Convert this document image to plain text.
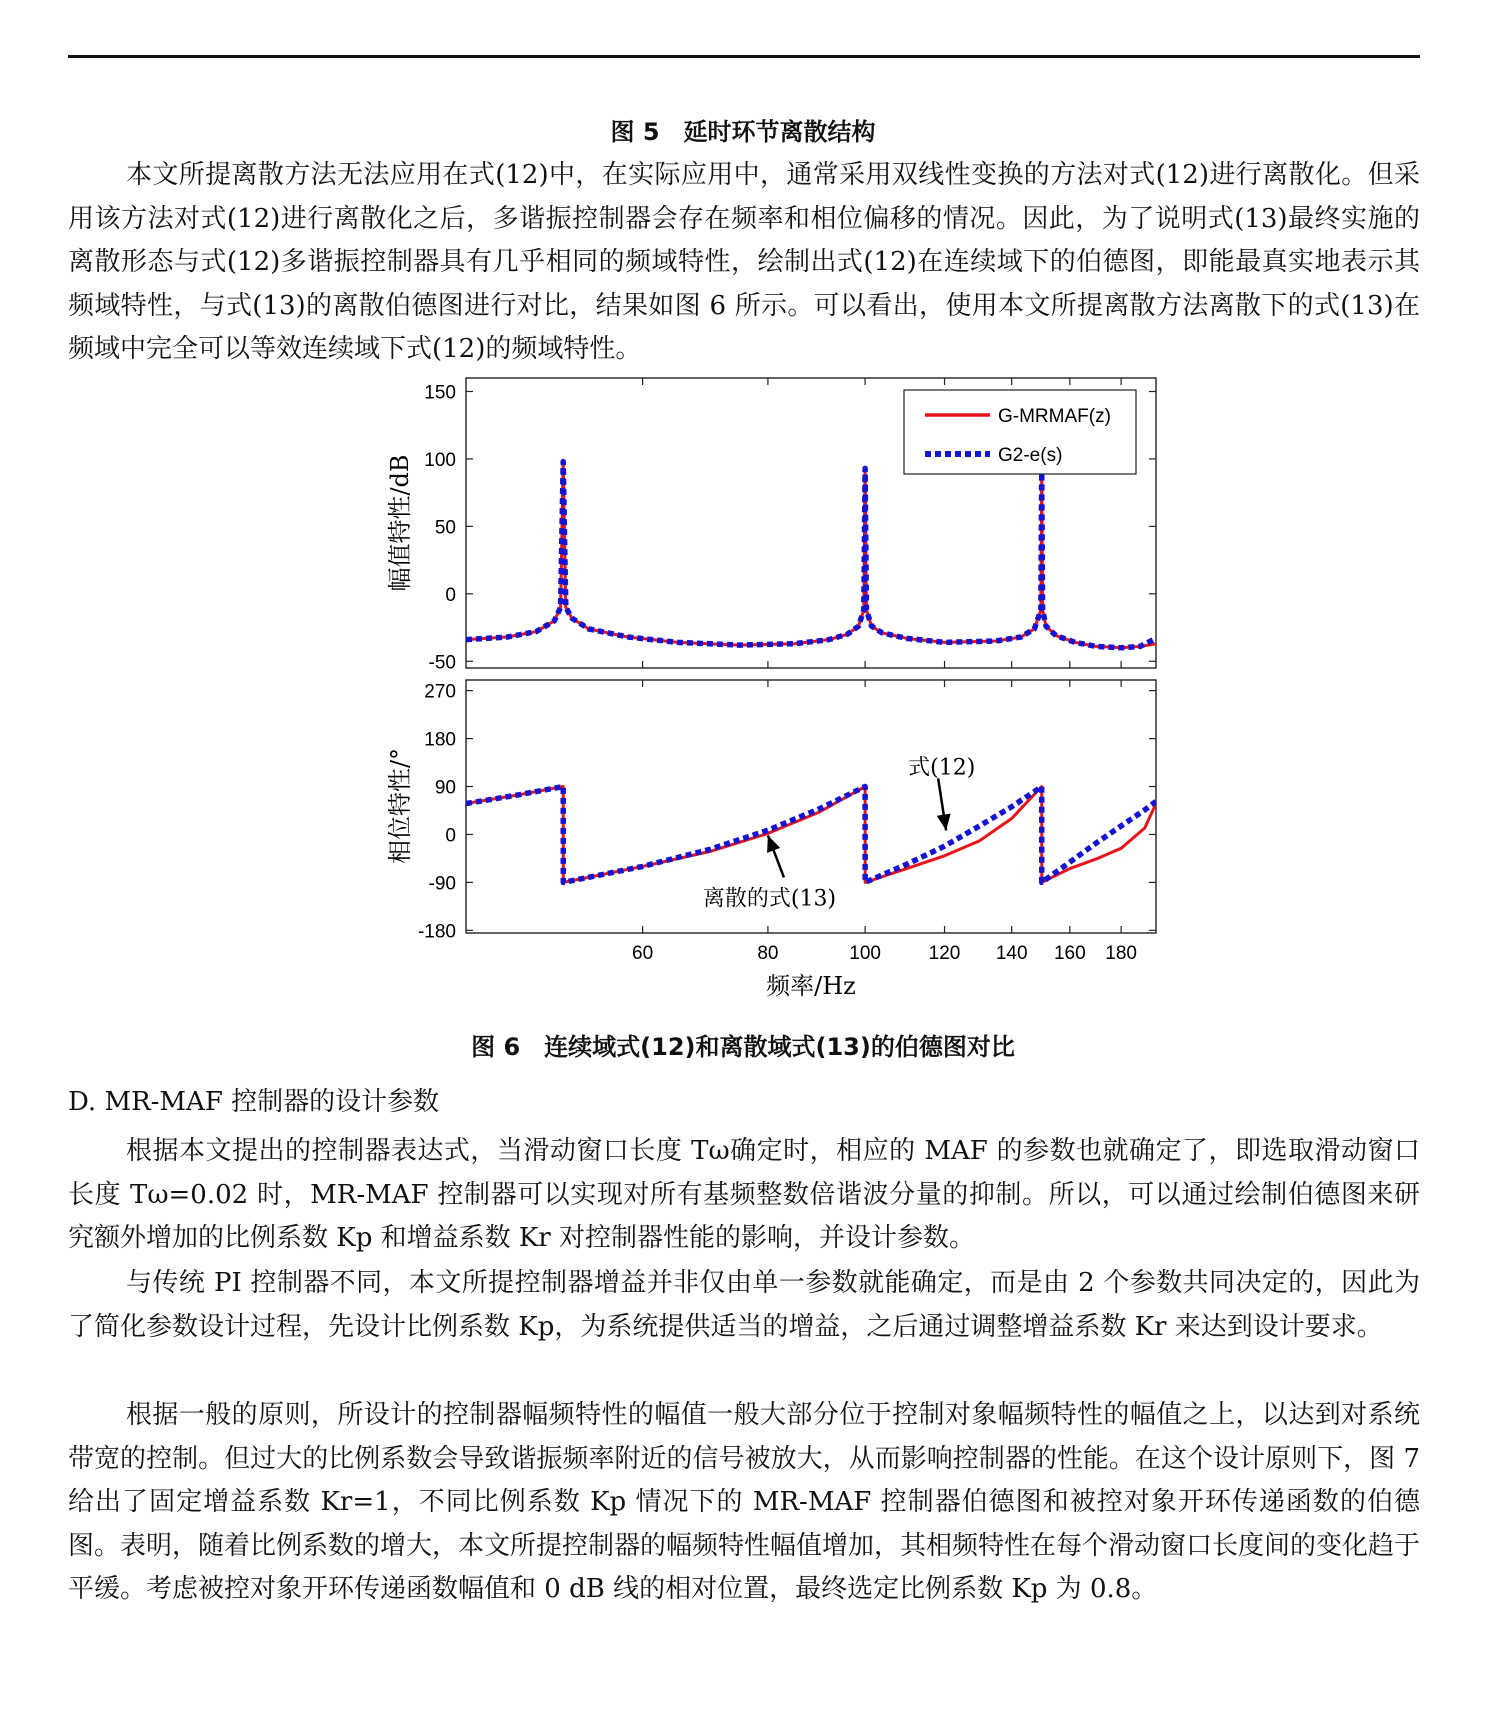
图 5　延时环节离散结构

本文所提离散方法无法应用在式(12)中，在实际应用中，通常采用双线性变换的方法对式(12)进行离散化。但采用该方法对式(12)进行离散化之后，多谐振控制器会存在频率和相位偏移的情况。因此，为了说明式(13)最终实施的离散形态与式(12)多谐振控制器具有几乎相同的频域特性，绘制出式(12)在连续域下的伯德图，即能最真实地表示其频域特性，与式(13)的离散伯德图进行对比，结果如图 6 所示。可以看出，使用本文所提离散方法离散下的式(13)在频域中完全可以等效连续域下式(12)的频域特性。

150
100
50
0
-50
270
180
90
0
-90
-180
60	80	100	120 140 160 180
G-MRMAF(z)
G2-e(s)
幅值特性/dB
相位特性/°
频率/Hz
式(12)
离散的式(13)
图 6　连续域式(12)和离散域式(13)的伯德图对比

D. MR-MAF 控制器的设计参数

根据本文提出的控制器表达式，当滑动窗口长度 Tω确定时，相应的 MAF 的参数也就确定了，即选取滑动窗口长度 Tω=0.02 时，MR-MAF 控制器可以实现对所有基频整数倍谐波分量的抑制。所以，可以通过绘制伯德图来研究额外增加的比例系数 Kp 和增益系数 Kr 对控制器性能的影响，并设计参数。

与传统 PI 控制器不同，本文所提控制器增益并非仅由单一参数就能确定，而是由 2 个参数共同决定的，因此为了简化参数设计过程，先设计比例系数 Kp，为系统提供适当的增益，之后通过调整增益系数 Kr 来达到设计要求。

根据一般的原则，所设计的控制器幅频特性的幅值一般大部分位于控制对象幅频特性的幅值之上，以达到对系统带宽的控制。但过大的比例系数会导致谐振频率附近的信号被放大，从而影响控制器的性能。在这个设计原则下，图 7 给出了固定增益系数 Kr=1，不同比例系数 Kp 情况下的 MR-MAF 控制器伯德图和被控对象开环传递函数的伯德图。表明，随着比例系数的增大，本文所提控制器的幅频特性幅值增加，其相频特性在每个滑动窗口长度间的变化趋于平缓。考虑被控对象开环传递函数幅值和 0 dB 线的相对位置，最终选定比例系数 Kp 为 0.8。
